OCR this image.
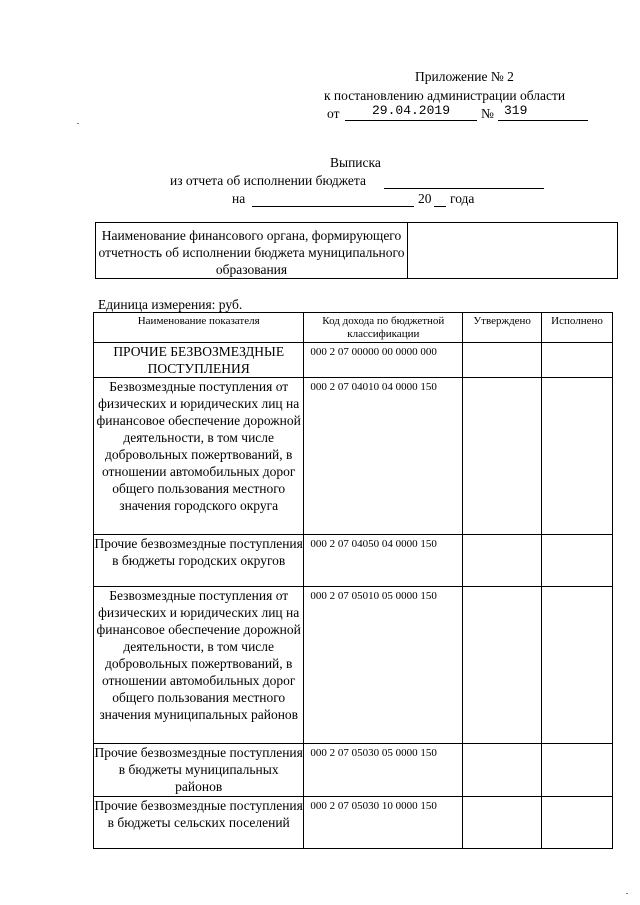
Приложение № 2
к постановлению администрации области
от	29.04.2019	№ 319
Выписка
из отчета об исполнении бюджета
на	20 года
Наименование финансового органа, формирующего отчетность об исполнении бюджета муниципального образования	
Единица измерения: руб.
Наименование показателя	Код дохода по бюджетной классификации	Утверждено	Исполнено
ПРОЧИЕ БЕЗВОЗМЕЗДНЫЕ ПОСТУПЛЕНИЯ	000 2 07 00000 00 0000 000		
Безвозмездные поступления от физических и юридических лиц на финансовое обеспечение дорожной деятельности, в том числе добровольных пожертвований, в отношении автомобильных дорог общего пользования местного значения городского округа	000 2 07 04010 04 0000 150		
Прочие безвозмездные поступления в бюджеты городских округов	000 2 07 04050 04 0000 150		
Безвозмездные поступления от физических и юридических лиц на финансовое обеспечение дорожной деятельности, в том числе добровольных пожертвований, в отношении автомобильных дорог общего пользования местного значения муниципальных районов	000 2 07 05010 05 0000 150		
Прочие безвозмездные поступления в бюджеты муниципальных районов	000 2 07 05030 05 0000 150		
Прочие безвозмездные поступления в бюджеты сельских поселений	000 2 07 05030 10 0000 150		
